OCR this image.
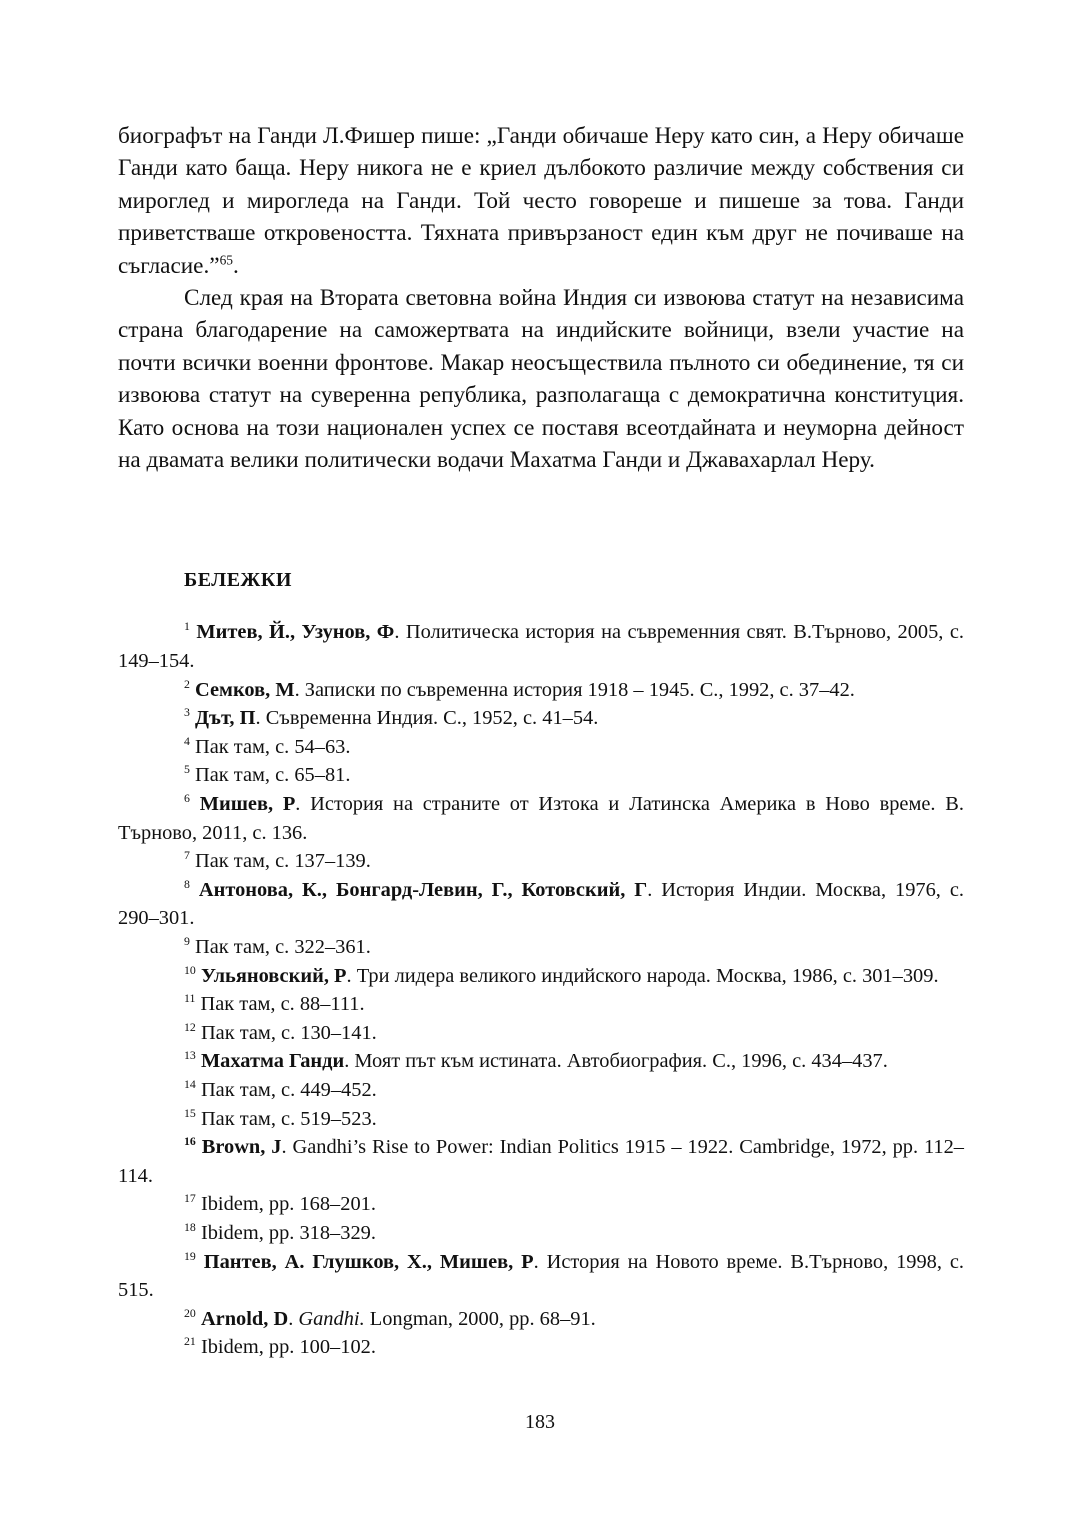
биографът на Ганди Л.Фишер пише: „Ганди обичаше Неру като син, а Неру обичаше Ганди като баща. Неру никога не е криел дълбокото различие между собствения си мироглед и мирогледа на Ганди. Той често говореше и пишеше за това. Ганди приветстваше откровеността. Тяхната привързаност един към друг не почиваше на съгласие.”$^{65}$.

След края на Втората световна война Индия си извоюва статут на независима страна благодарение на саможертвата на индийските войници, взели участие на почти всички военни фронтове. Макар неосъществила пълното си обединение, тя си извоюва статут на суверенна република, разполагаща с демократична конституция. Като основа на този национален успех се поставя всеотдайната и неуморна дейност на двамата велики политически водачи Махатма Ганди и Джавахарлал Неру.

БЕЛЕЖКИ

$^1$ Митев, Й., Узунов, Ф. Политическа история на съвременния свят. В.Търново, 2005, с. 149–154.

$^2$ Семков, М. Записки по съвременна история 1918 – 1945. С., 1992, с. 37–42.

$^3$ Дът, П. Съвременна Индия. С., 1952, с. 41–54.

$^4$ Пак там, с. 54–63.

$^5$ Пак там, с. 65–81.

$^6$ Мишев, Р. История на страните от Изтока и Латинска Америка в Ново време. В. Търново, 2011, с. 136.

$^7$ Пак там, с. 137–139.

$^8$ Антонова, К., Бонгард-Левин, Г., Котовский, Г. История Индии. Москва, 1976, с. 290–301.

$^9$ Пак там, с. 322–361.

$^{10}$ Ульяновский, Р. Три лидера великого индийского народа. Москва, 1986, с. 301–309.

$^{11}$ Пак там, с. 88–111.

$^{12}$ Пак там, с. 130–141.

$^{13}$ Махатма Ганди. Моят път към истината. Автобиография. С., 1996, с. 434–437.

$^{14}$ Пак там, с. 449–452.

$^{15}$ Пак там, с. 519–523.

$^{16}$ Brown, J. Gandhi’s Rise to Power: Indian Politics 1915 – 1922. Cambridge, 1972, pp. 112–114.

$^{17}$ Ibidem, pp. 168–201.

$^{18}$ Ibidem, pp. 318–329.

$^{19}$ Пантев, А. Глушков, Х., Мишев, Р. История на Новото време. В.Търново, 1998, с. 515.

$^{20}$ Arnold, D. Gandhi. Longman, 2000, pp. 68–91.

$^{21}$ Ibidem, pp. 100–102.

183
